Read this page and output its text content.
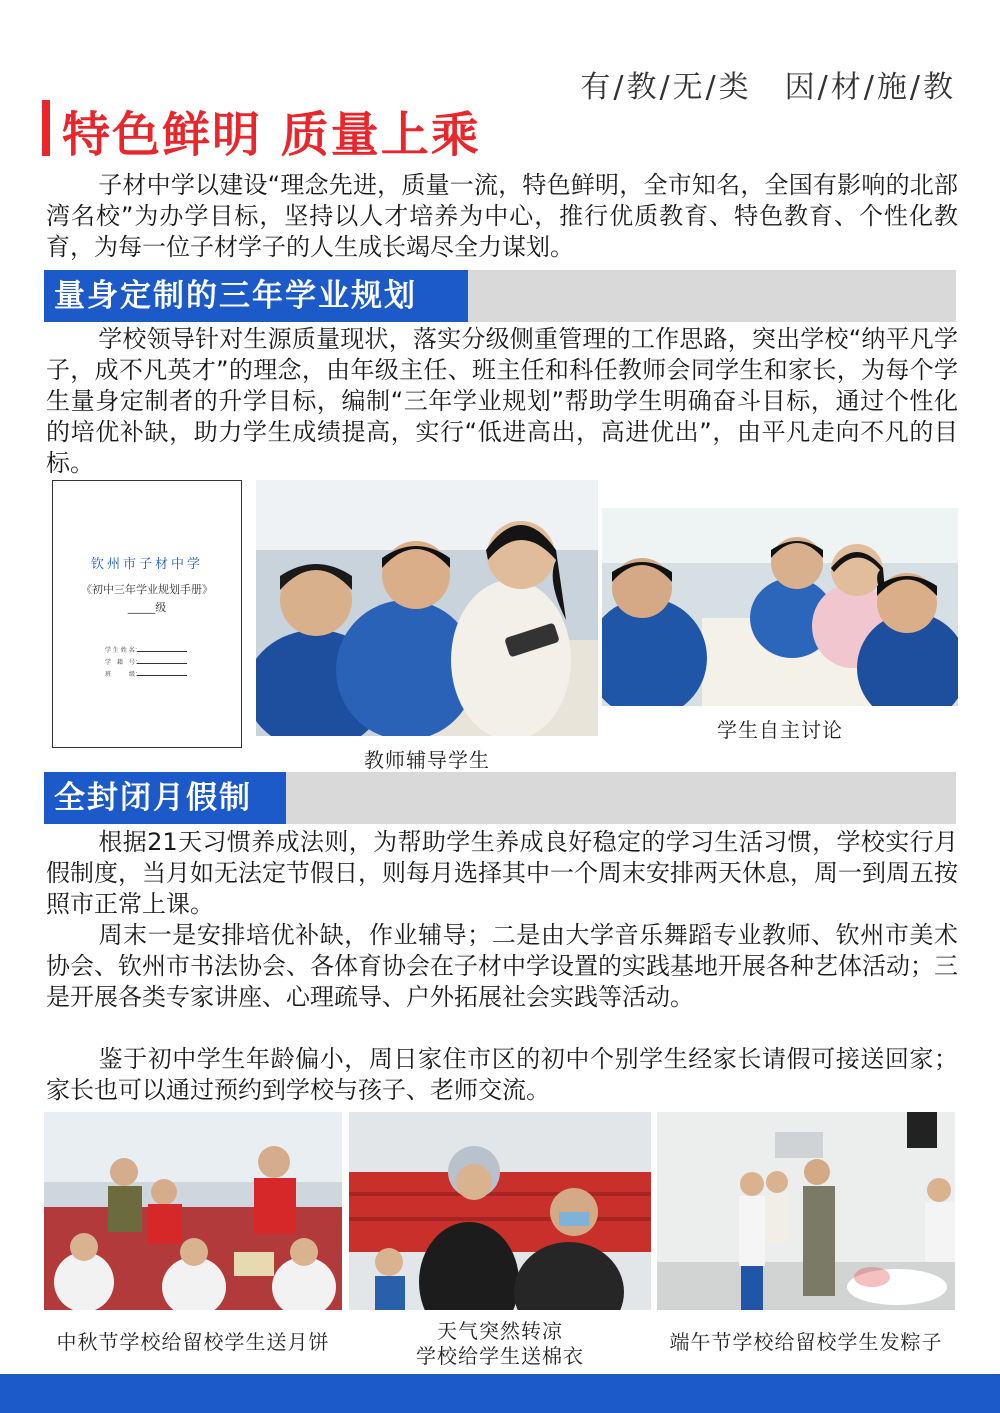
有/教/无/类　因/材/施/教
特色鲜明 质量上乘
子材中学以建设“理念先进，质量一流，特色鲜明，全市知名，全国有影响的北部湾名校”为办学目标，坚持以人才培养为中心，推行优质教育、特色教育、个性化教育，为每一位子材学子的人生成长竭尽全力谋划。
量身定制的三年学业规划
学校领导针对生源质量现状，落实分级侧重管理的工作思路，突出学校“纳平凡学子，成不凡英才”的理念，由年级主任、班主任和科任教师会同学生和家长，为每个学生量身定制者的升学目标，编制“三年学业规划”帮助学生明确奋斗目标，通过个性化的培优补缺，助力学生成绩提高，实行“低进高出，高进优出”，由平凡走向不凡的目标。
钦州市子材中学
《初中三年学业规划手册》
_____级
学 生 姓 名：
学　籍　号：
班　　　级：
教师辅导学生
学生自主讨论
全封闭月假制
根据21天习惯养成法则，为帮助学生养成良好稳定的学习生活习惯，学校实行月假制度，当月如无法定节假日，则每月选择其中一个周末安排两天休息，周一到周五按照市正常上课。
周末一是安排培优补缺，作业辅导；二是由大学音乐舞蹈专业教师、钦州市美术协会、钦州市书法协会、各体育协会在子材中学设置的实践基地开展各种艺体活动；三是开展各类专家讲座、心理疏导、户外拓展社会实践等活动。
鉴于初中学生年龄偏小，周日家住市区的初中个别学生经家长请假可接送回家；家长也可以通过预约到学校与孩子、老师交流。
中秋节学校给留校学生送月饼	天气突然转凉
学校给学生送棉衣
端午节学校给留校学生发粽子
